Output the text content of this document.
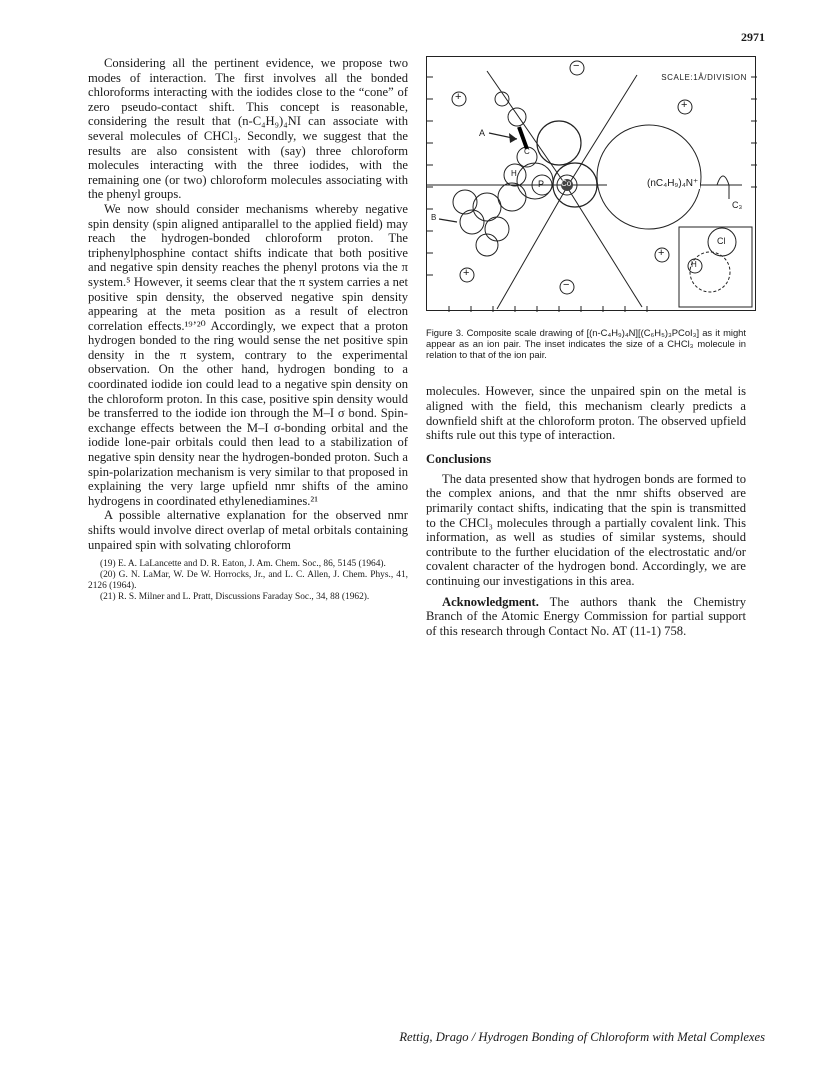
2971

Considering all the pertinent evidence, we propose two modes of interaction. The first involves all the bonded chloroforms interacting with the iodides close to the “cone” of zero pseudo-contact shift. This concept is reasonable, considering the result that (n-C₄H₉)₄NI can associate with several molecules of CHCl₃. Secondly, we suggest that the results are also consistent with (say) three chloroform molecules interacting with the three iodides, with the remaining one (or two) chloroform molecules associating with the phenyl groups.

We now should consider mechanisms whereby negative spin density (spin aligned antiparallel to the applied field) may reach the hydrogen-bonded chloroform proton. The triphenylphosphine contact shifts indicate that both positive and negative spin density reaches the phenyl protons via the π system.⁵ However, it seems clear that the π system carries a net positive spin density, the observed negative spin density appearing at the meta position as a result of electron correlation effects.¹⁹ʼ²⁰ Accordingly, we expect that a proton hydrogen bonded to the ring would sense the net positive spin density in the π system, contrary to the experimental observation. On the other hand, hydrogen bonding to a coordinated iodide ion could lead to a negative spin density on the chloroform proton. In this case, positive spin density would be transferred to the iodide ion through the M–I σ bond. Spin-exchange effects between the M–I σ-bonding orbital and the iodide lone-pair orbitals could then lead to a stabilization of negative spin density near the hydrogen-bonded proton. Such a spin-polarization mechanism is very similar to that proposed in explaining the very large upfield nmr shifts of the amino hydrogens in coordinated ethylenediamines.²¹

A possible alternative explanation for the observed nmr shifts would involve direct overlap of metal orbitals containing unpaired spin with solvating chloroform

(19) E. A. LaLancette and D. R. Eaton, J. Am. Chem. Soc., 86, 5145 (1964).

(20) G. N. LaMar, W. De W. Horrocks, Jr., and L. C. Allen, J. Chem. Phys., 41, 2126 (1964).

(21) R. S. Milner and L. Pratt, Discussions Faraday Soc., 34, 88 (1962).

SCALE:1Å/DIVISION
(nC₄H₉)₄N⁺
C₃
A
B
C
P Co
H
Cl
H
−
+
+
+
+
−
Figure 3. Composite scale drawing of [(n-C₄H₉)₄N][(C₆H₅)₃PCoI₃] as it might appear as an ion pair. The inset indicates the size of a CHCl₃ molecule in relation to that of the ion pair.

molecules. However, since the unpaired spin on the metal is aligned with the field, this mechanism clearly predicts a downfield shift at the chloroform proton. The observed upfield shifts rule out this type of interaction.

Conclusions

The data presented show that hydrogen bonds are formed to the complex anions, and that the nmr shifts observed are primarily contact shifts, indicating that the spin is transmitted to the CHCl₃ molecules through a partially covalent link. This information, as well as studies of similar systems, should contribute to the further elucidation of the electrostatic and/or covalent character of the hydrogen bond. Accordingly, we are continuing our investigations in this area.

Acknowledgment. The authors thank the Chemistry Branch of the Atomic Energy Commission for partial support of this research through Contact No. AT (11-1) 758.

Rettig, Drago / Hydrogen Bonding of Chloroform with Metal Complexes
